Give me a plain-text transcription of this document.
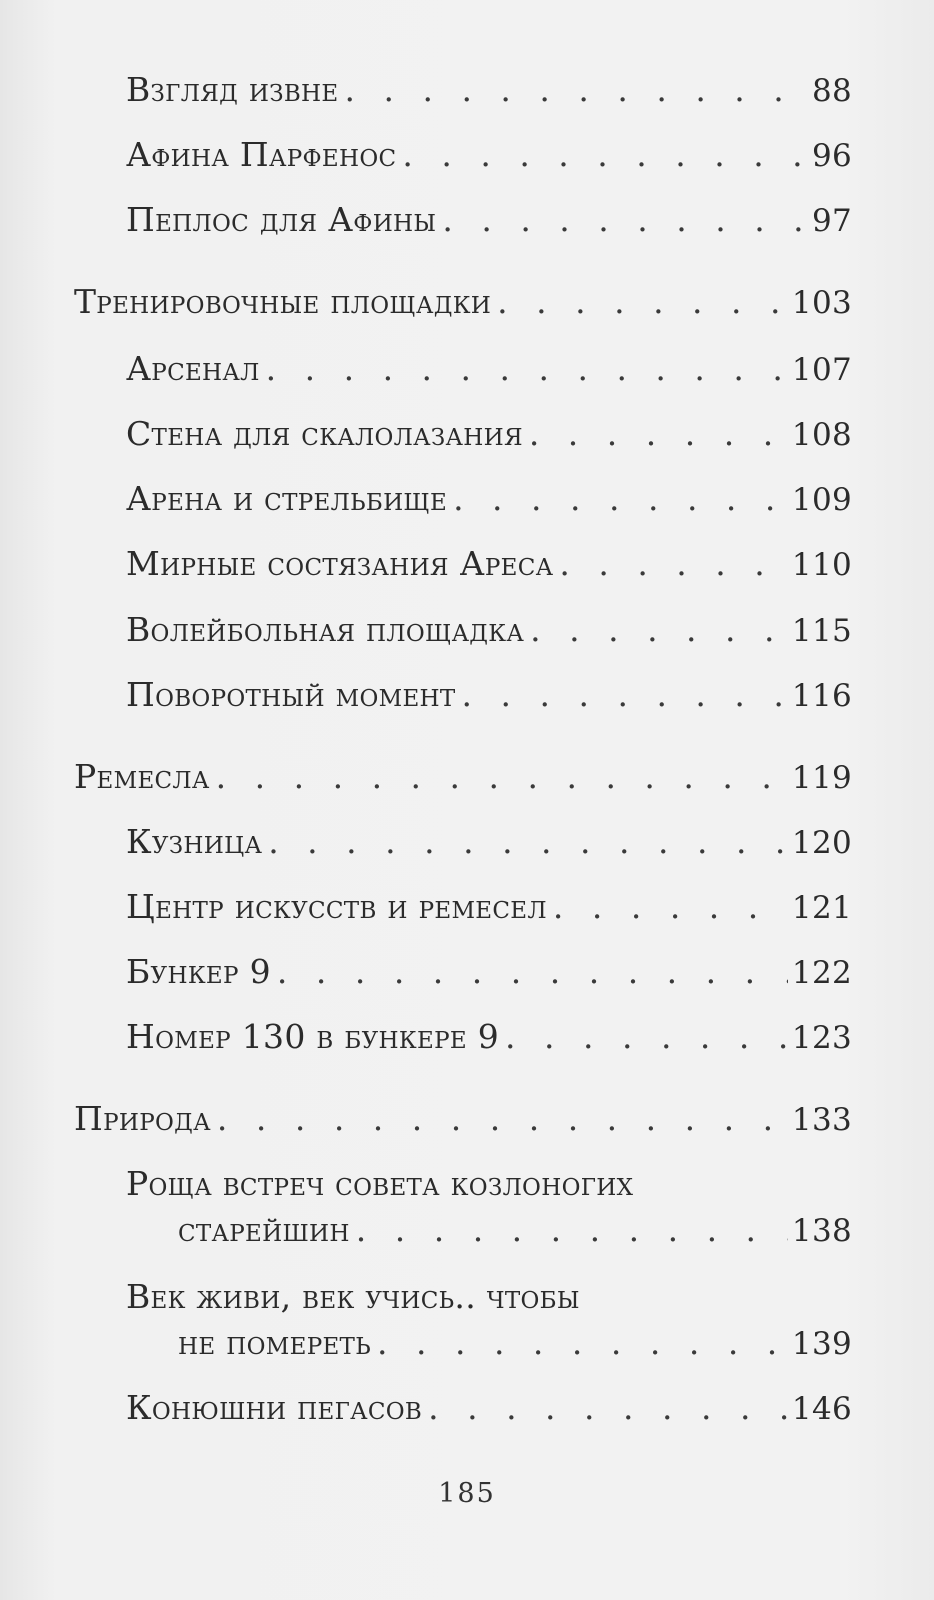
Взгляд извне . . .	88
Афина Парфенос . . .	96
Пеплос для Афины . . .	97
Тренировочные площадки . . .	103
Арсенал . . .	107
Стена для скалолазания . . .	108
Арена и стрельбище . . .	109
Мирные состязания Ареса . . .	110
Волейбольная площадка . . .	115
Поворотный момент . . .	116
Ремесла . . .	119
Кузница . . .	120
Центр искусств и ремесел . . .	121
Бункер 9 . . .	122
Номер 130 в бункере 9 . . .	123
Природа . . .	133
Роща встреч совета козлоногих
старейшин . . .	138
Век живи, век учись.. чтобы
не помереть . . .	139
Конюшни пегасов . . .	146
185
